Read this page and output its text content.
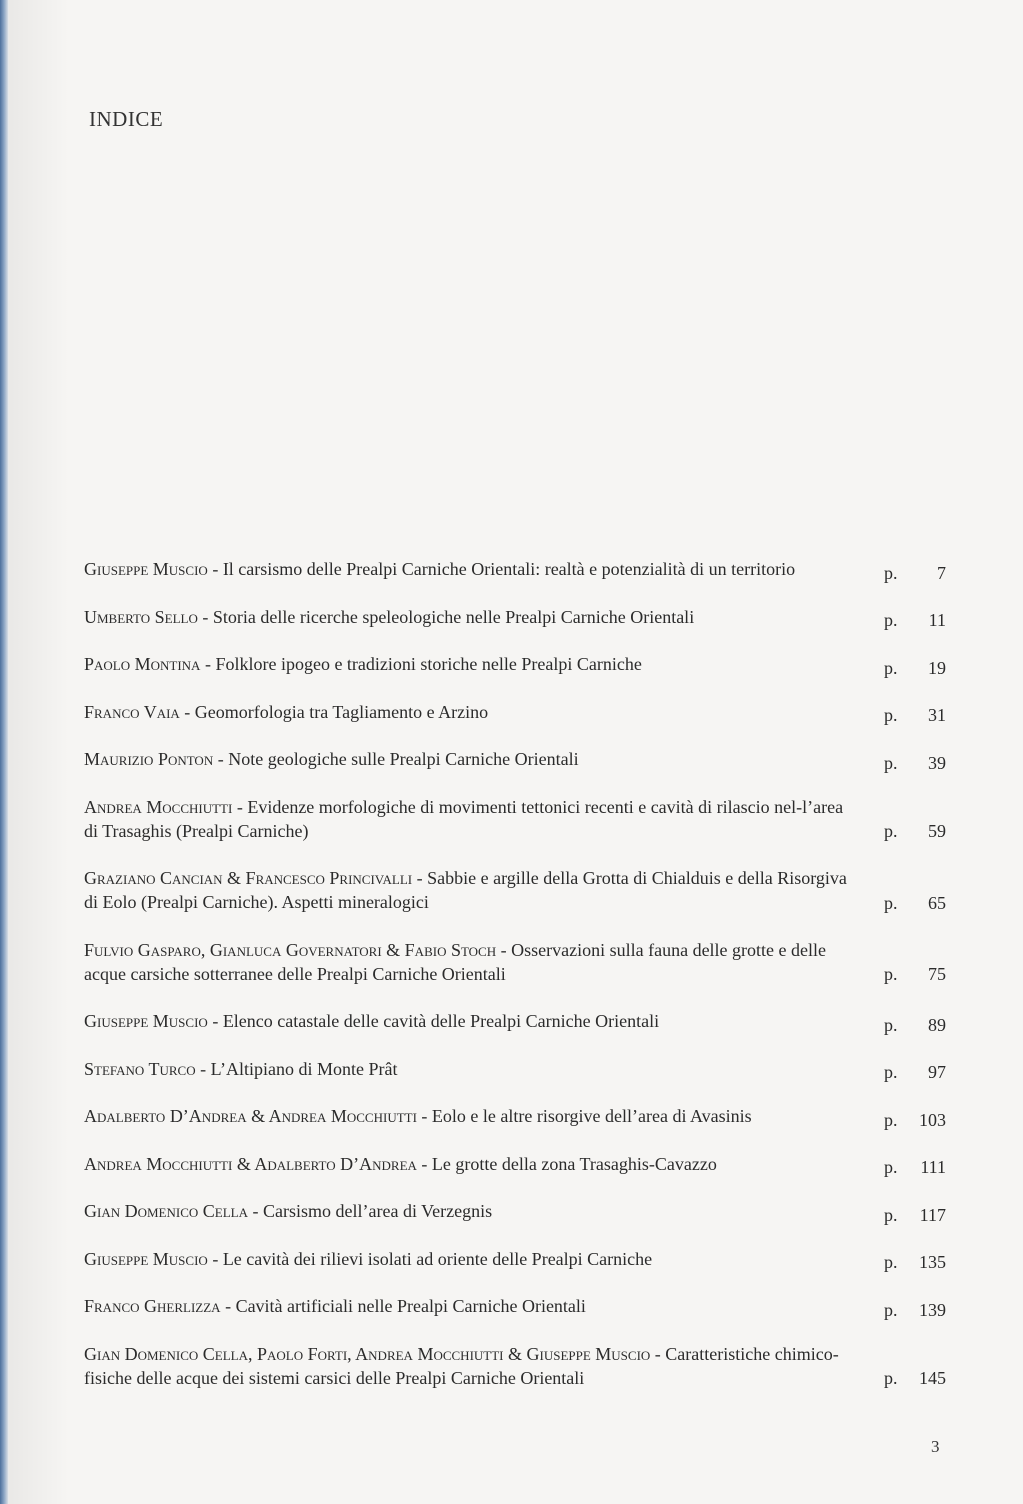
INDICE
Giuseppe Muscio - Il carsismo delle Prealpi Carniche Orientali: realtà e potenzialità di un territorio	p. 7
Umberto Sello - Storia delle ricerche speleologiche nelle Prealpi Carniche Orientali	p. 11
Paolo Montina - Folklore ipogeo e tradizioni storiche nelle Prealpi Carniche	p. 19
Franco Vaia - Geomorfologia tra Tagliamento e Arzino	p. 31
Maurizio Ponton - Note geologiche sulle Prealpi Carniche Orientali	p. 39
Andrea Mocchiutti - Evidenze morfologiche di movimenti tettonici recenti e cavità di rilascio nel-l’area di Trasaghis (Prealpi Carniche)	p. 59
Graziano Cancian & Francesco Princivalli - Sabbie e argille della Grotta di Chialduis e della Risorgiva di Eolo (Prealpi Carniche). Aspetti mineralogici	p. 65
Fulvio Gasparo, Gianluca Governatori & Fabio Stoch - Osservazioni sulla fauna delle grotte e delle acque carsiche sotterranee delle Prealpi Carniche Orientali	p. 75
Giuseppe Muscio - Elenco catastale delle cavità delle Prealpi Carniche Orientali	p. 89
Stefano Turco - L’Altipiano di Monte Prât	p. 97
Adalberto D’Andrea & Andrea Mocchiutti - Eolo e le altre risorgive dell’area di Avasinis	p. 103
Andrea Mocchiutti & Adalberto D’Andrea - Le grotte della zona Trasaghis-Cavazzo	p. 111
Gian Domenico Cella - Carsismo dell’area di Verzegnis	p. 117
Giuseppe Muscio - Le cavità dei rilievi isolati ad oriente delle Prealpi Carniche	p. 135
Franco Gherlizza - Cavità artificiali nelle Prealpi Carniche Orientali	p. 139
Gian Domenico Cella, Paolo Forti, Andrea Mocchiutti & Giuseppe Muscio - Caratteristiche chimico-fisiche delle acque dei sistemi carsici delle Prealpi Carniche Orientali	p. 145
3
